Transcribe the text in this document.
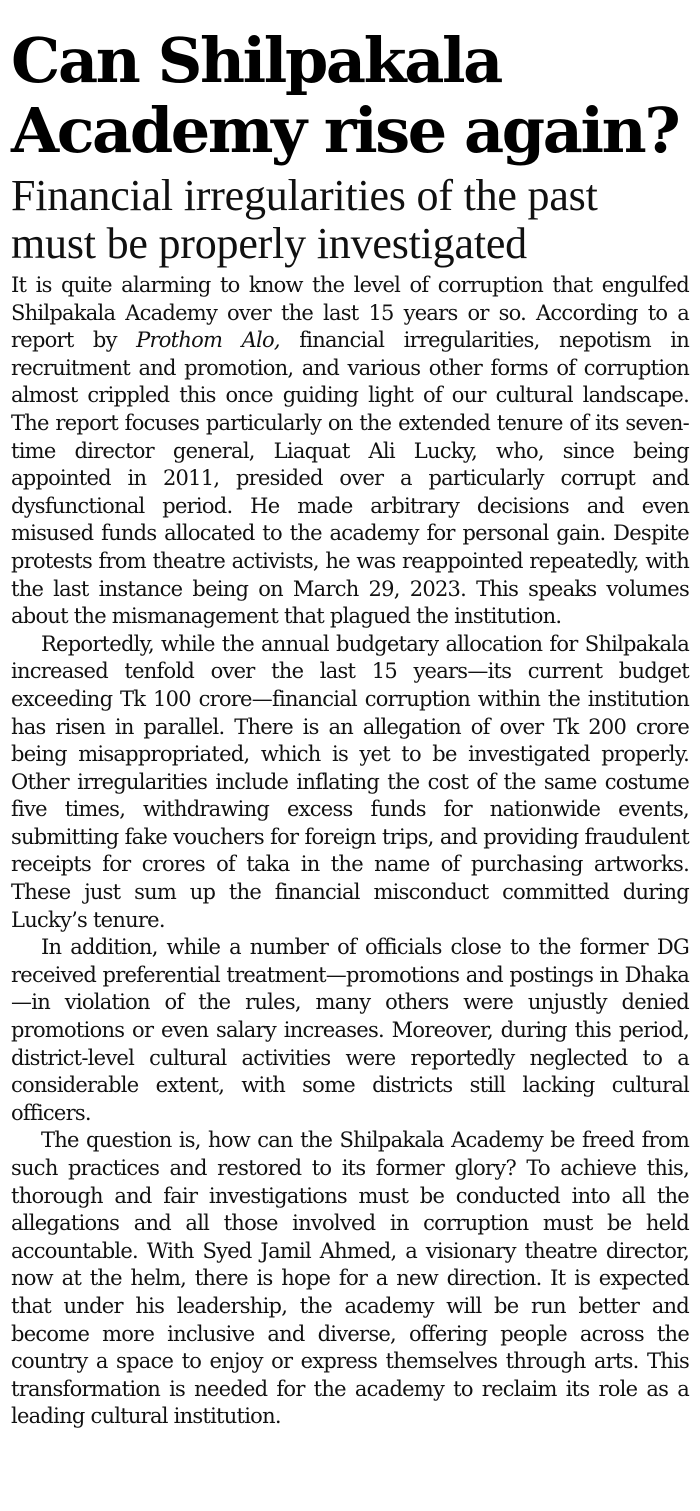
Can Shilpakala
Academy rise again?
Financial irregularities of the past
must be properly investigated

It is quite alarming to know the level of corruption that engulfed Shilpakala Academy over the last 15 years or so. According to a report by Prothom Alo, financial irregularities, nepotism in recruitment and promotion, and various other forms of corruption almost crippled this once guiding light of our cultural landscape. The report focuses particularly on the extended tenure of its seven-time director general, Liaquat Ali Lucky, who, since being appointed in 2011, presided over a particularly corrupt and dysfunctional period. He made arbitrary decisions and even misused funds allocated to the academy for personal gain. Despite protests from theatre activists, he was reappointed repeatedly, with the last instance being on March 29, 2023. This speaks volumes about the mismanagement that plagued the institution.

Reportedly, while the annual budgetary allocation for Shilpakala increased tenfold over the last 15 years—its current budget exceeding Tk 100 crore—financial corruption within the institution has risen in parallel. There is an allegation of over Tk 200 crore being misappropriated, which is yet to be investigated properly. Other irregularities include inflating the cost of the same costume five times, withdrawing excess funds for nationwide events, submitting fake vouchers for foreign trips, and providing fraudulent receipts for crores of taka in the name of purchasing artworks. These just sum up the financial misconduct committed during Lucky’s tenure.

In addition, while a number of officials close to the former DG received preferential treatment—promotions and postings in Dhaka—in violation of the rules, many others were unjustly denied promotions or even salary increases. Moreover, during this period, district-level cultural activities were reportedly neglected to a considerable extent, with some districts still lacking cultural officers.

The question is, how can the Shilpakala Academy be freed from such practices and restored to its former glory? To achieve this, thorough and fair investigations must be conducted into all the allegations and all those involved in corruption must be held accountable. With Syed Jamil Ahmed, a visionary theatre director, now at the helm, there is hope for a new direction. It is expected that under his leadership, the academy will be run better and become more inclusive and diverse, offering people across the country a space to enjoy or express themselves through arts. This transformation is needed for the academy to reclaim its role as a leading cultural institution.
